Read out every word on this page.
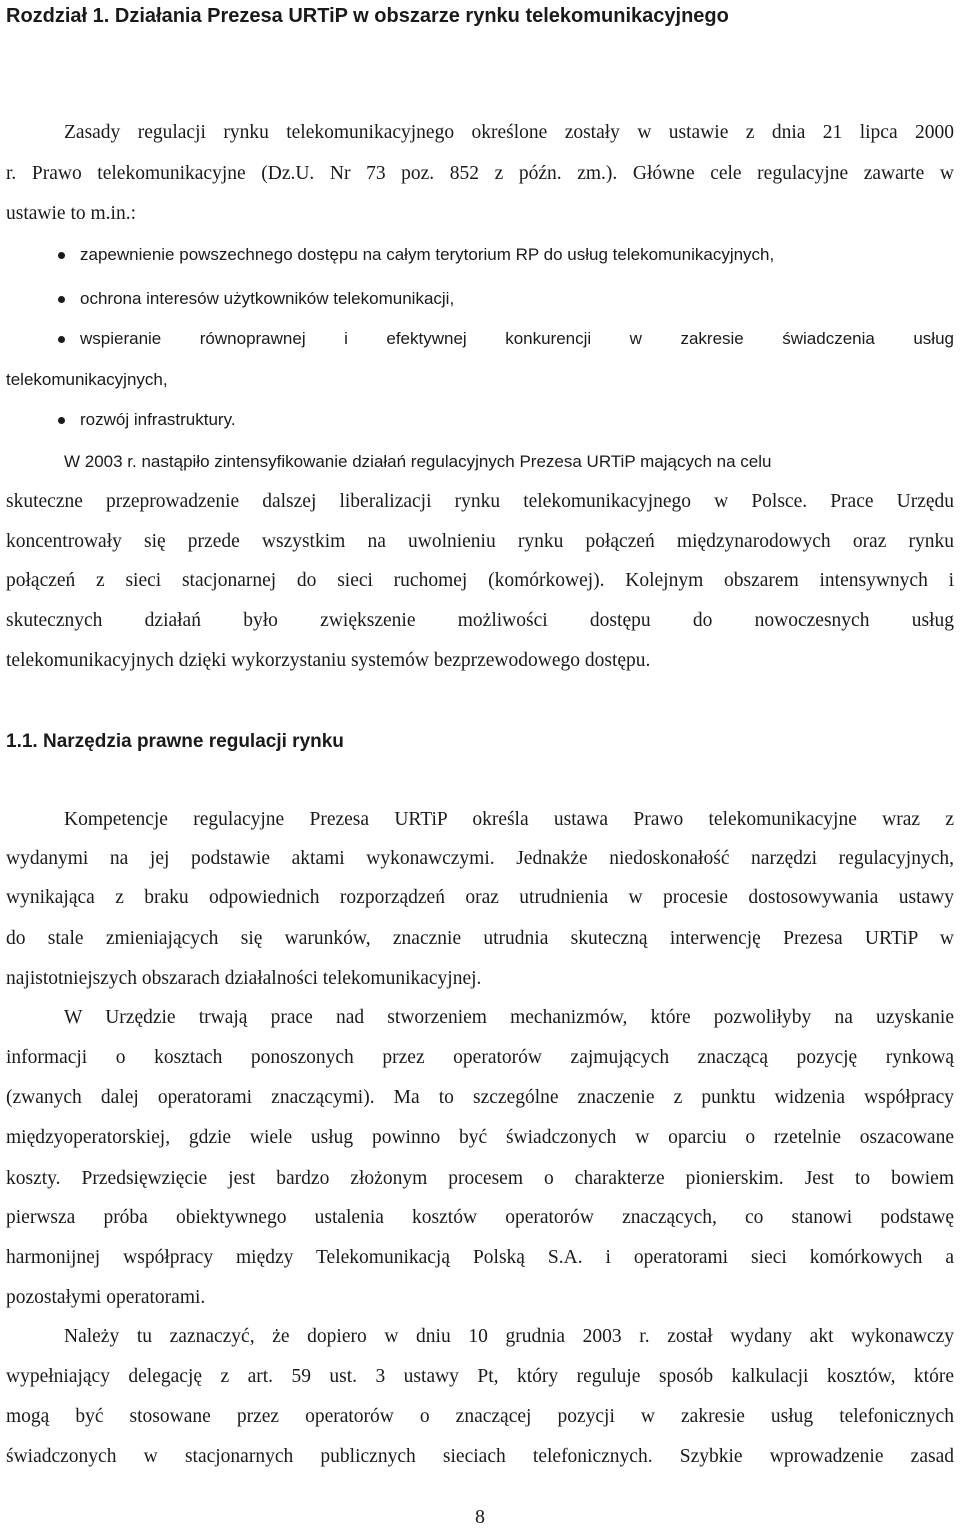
Rozdział 1. Działania Prezesa URTiP w obszarze rynku telekomunikacyjnego

Zasady regulacji rynku telekomunikacyjnego określone zostały w ustawie z dnia 21 lipca 2000

r. Prawo telekomunikacyjne (Dz.U. Nr 73 poz. 852 z późn. zm.). Główne cele regulacyjne zawarte w

ustawie to m.in.:

zapewnienie powszechnego dostępu na całym terytorium RP do usług telekomunikacyjnych,

ochrona interesów użytkowników telekomunikacji,

wspieranie równoprawnej i efektywnej konkurencji w zakresie świadczenia usług

telekomunikacyjnych,

rozwój infrastruktury.

W 2003 r. nastąpiło zintensyfikowanie działań regulacyjnych Prezesa URTiP mających na celu

skuteczne przeprowadzenie dalszej liberalizacji rynku telekomunikacyjnego w Polsce. Prace Urzędu

koncentrowały się przede wszystkim na uwolnieniu rynku połączeń międzynarodowych oraz rynku

połączeń z sieci stacjonarnej do sieci ruchomej (komórkowej). Kolejnym obszarem intensywnych i

skutecznych działań było zwiększenie możliwości dostępu do nowoczesnych usług

telekomunikacyjnych dzięki wykorzystaniu systemów bezprzewodowego dostępu.

1.1. Narzędzia prawne regulacji rynku

Kompetencje regulacyjne Prezesa URTiP określa ustawa Prawo telekomunikacyjne wraz z

wydanymi na jej podstawie aktami wykonawczymi. Jednakże niedoskonałość narzędzi regulacyjnych,

wynikająca z braku odpowiednich rozporządzeń oraz utrudnienia w procesie dostosowywania ustawy

do stale zmieniających się warunków, znacznie utrudnia skuteczną interwencję Prezesa URTiP w

najistotniejszych obszarach działalności telekomunikacyjnej.

W Urzędzie trwają prace nad stworzeniem mechanizmów, które pozwoliłyby na uzyskanie

informacji o kosztach ponoszonych przez operatorów zajmujących znaczącą pozycję rynkową

(zwanych dalej operatorami znaczącymi). Ma to szczególne znaczenie z punktu widzenia współpracy

międzyoperatorskiej, gdzie wiele usług powinno być świadczonych w oparciu o rzetelnie oszacowane

koszty. Przedsięwzięcie jest bardzo złożonym procesem o charakterze pionierskim. Jest to bowiem

pierwsza próba obiektywnego ustalenia kosztów operatorów znaczących, co stanowi podstawę

harmonijnej współpracy między Telekomunikacją Polską S.A. i operatorami sieci komórkowych a

pozostałymi operatorami.

Należy tu zaznaczyć, że dopiero w dniu 10 grudnia 2003 r. został wydany akt wykonawczy

wypełniający delegację z art. 59 ust. 3 ustawy Pt, który reguluje sposób kalkulacji kosztów, które

mogą być stosowane przez operatorów o znaczącej pozycji w zakresie usług telefonicznych

świadczonych w stacjonarnych publicznych sieciach telefonicznych. Szybkie wprowadzenie zasad

8
